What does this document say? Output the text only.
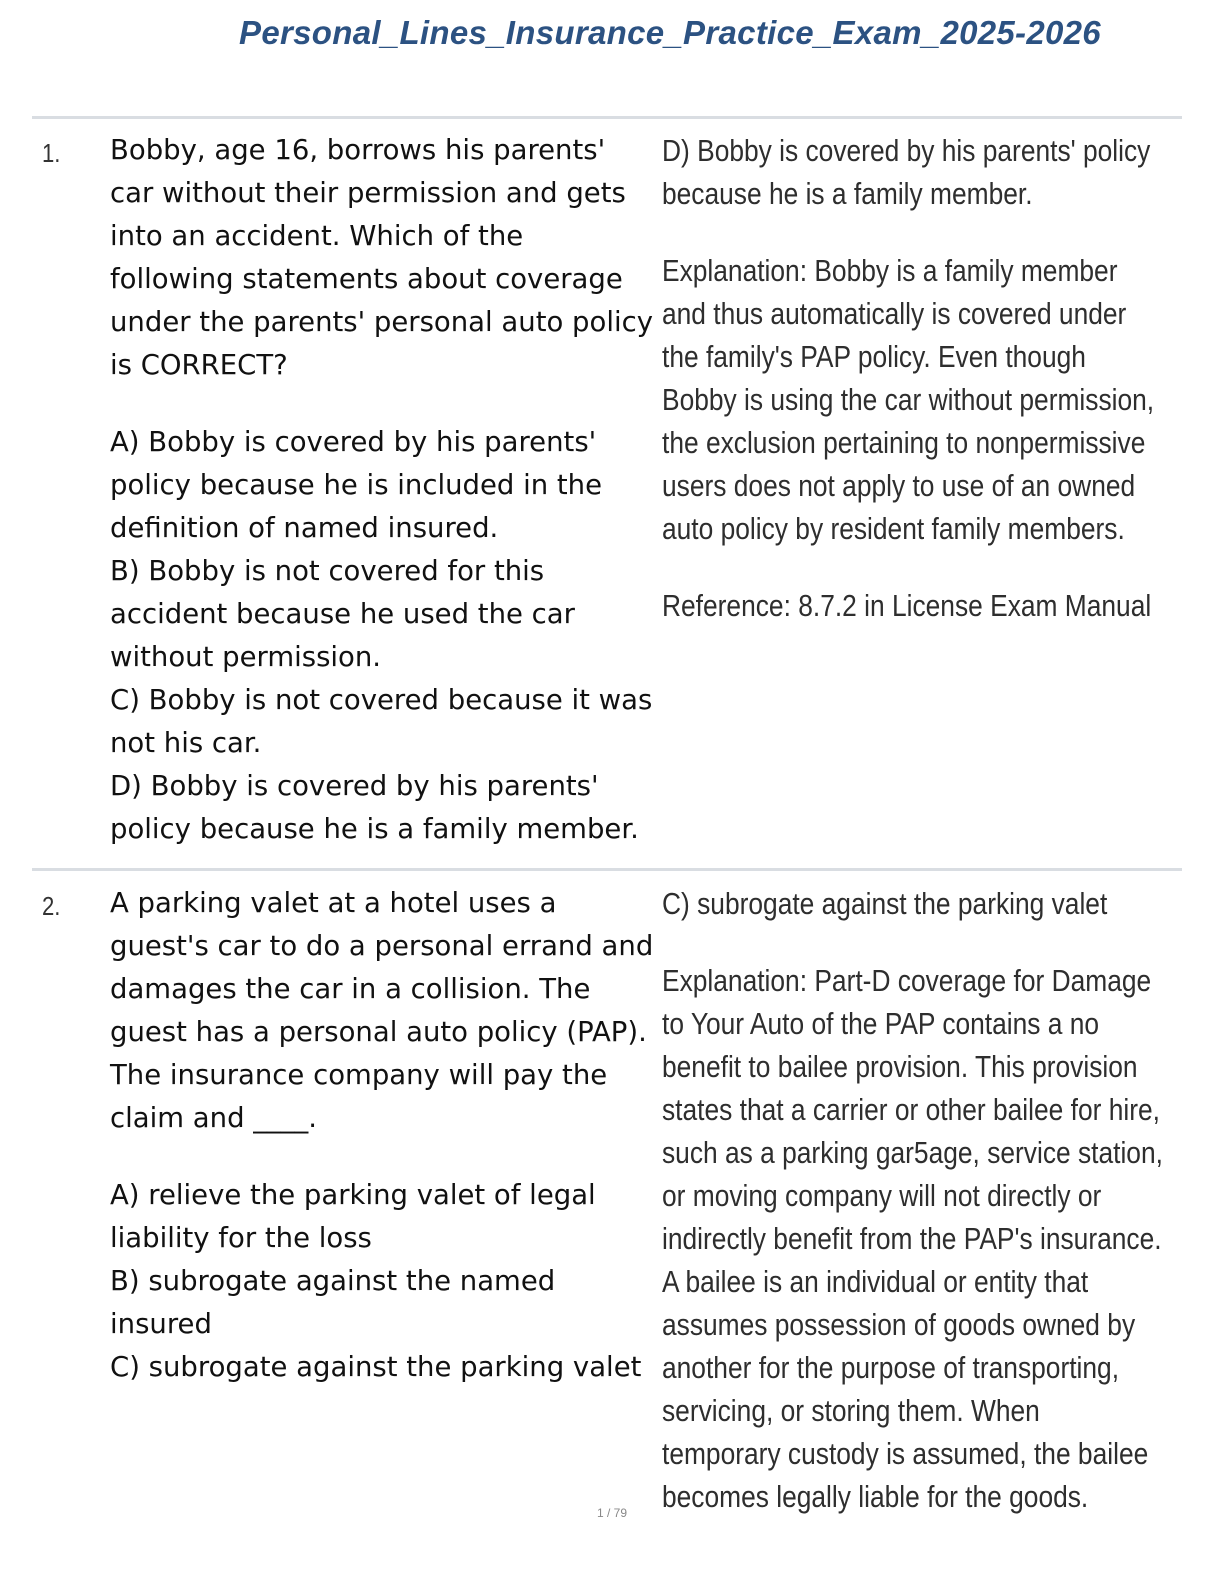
Personal_Lines_Insurance_Practice_Exam_2025-2026
1. Bobby, age 16, borrows his parents' car without their permission and gets into an accident. Which of the following statements about coverage under the parents' personal auto policy is CORRECT?

A) Bobby is covered by his parents' policy because he is included in the definition of named insured.

B) Bobby is not covered for this accident because he used the car without permission.

C) Bobby is not covered because it was not his car.

D) Bobby is covered by his parents' policy because he is a family member.

D) Bobby is covered by his parents' policy because he is a family member.

Explanation: Bobby is a family member and thus automatically is covered under the family's PAP policy. Even though Bobby is using the car without permission, the exclusion pertaining to nonpermissive users does not apply to use of an owned auto policy by resident family members.

Reference: 8.7.2 in License Exam Manual

2. A parking valet at a hotel uses a guest's car to do a personal errand and damages the car in a collision. The guest has a personal auto policy (PAP). The insurance company will pay the claim and ____.

A) relieve the parking valet of legal liability for the loss

B) subrogate against the named insured

C) subrogate against the parking valet

C) subrogate against the parking valet

Explanation: Part-D coverage for Damage to Your Auto of the PAP contains a no benefit to bailee provision. This provision states that a carrier or other bailee for hire, such as a parking gar5age, service station, or moving company will not directly or indirectly benefit from the PAP's insurance. A bailee is an individual or entity that assumes possession of goods owned by another for the purpose of transporting, servicing, or storing them. When temporary custody is assumed, the bailee becomes legally liable for the goods.

1 / 79
